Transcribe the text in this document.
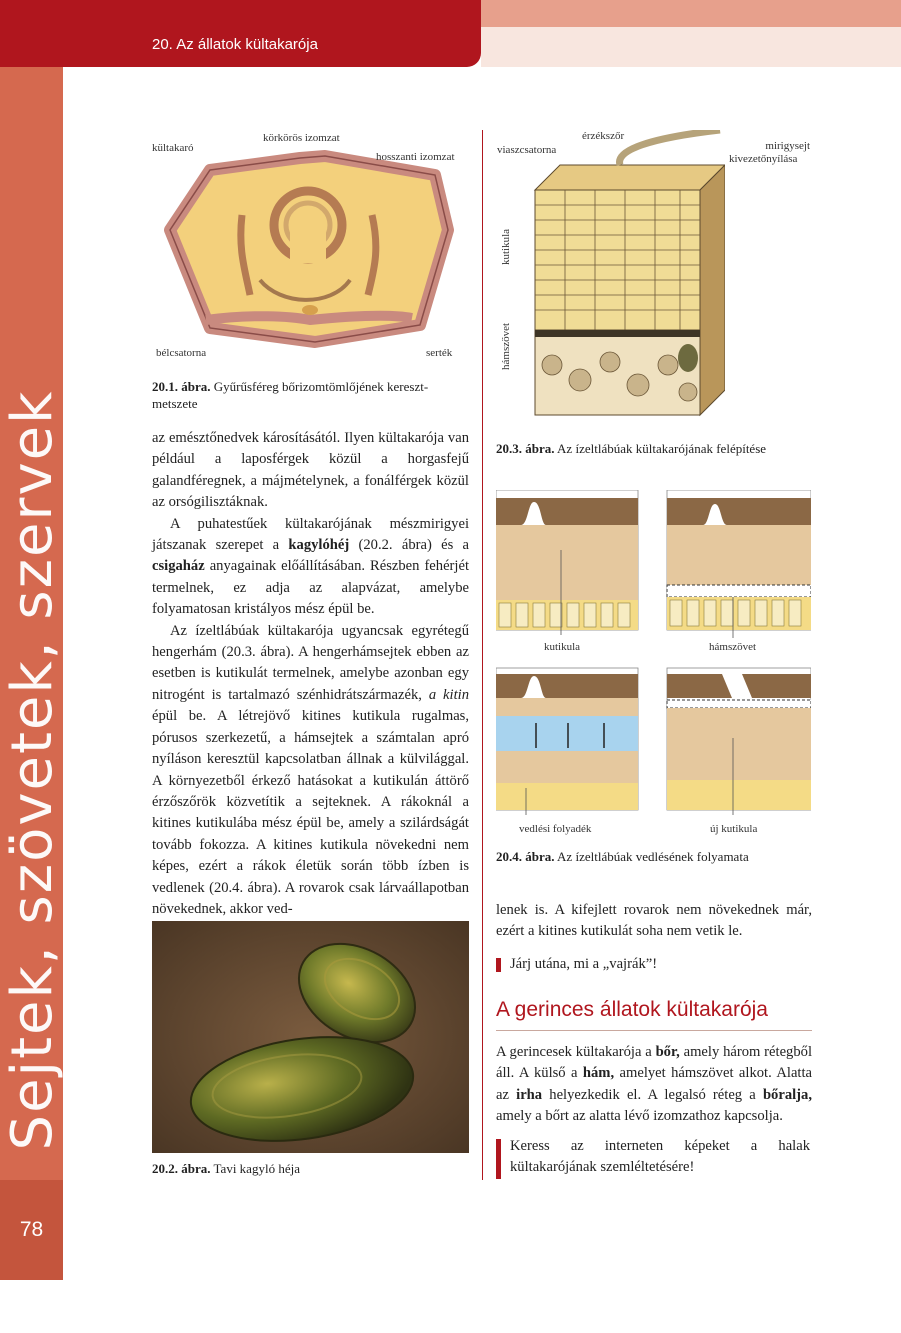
20. Az állatok kültakarója
Sejtek, szövetek, szervek
78
kültakaró
körkörös izomzat
hosszanti izomzat
bélcsatorna	serték
20.1. ábra. Gyűrűsféreg bőrizomtömlőjének kereszt-
metszete

az emésztőnedvek károsításától. Ilyen kültakarója van például a laposférgek közül a horgasfejű galandféregnek, a májmételynek, a fonálférgek közül az orsógilisztáknak.

A puhatestűek kültakarójának mészmirigyei játszanak szerepet a kagylóhéj (20.2. ábra) és a csigaház anyagainak előállításában. Részben fehérjét termelnek, ez adja az alapvázat, amelybe folyamatosan kristályos mész épül be.

Az ízeltlábúak kültakarója ugyancsak egyrétegű hengerhám (20.3. ábra). A hengerhámsejtek ebben az esetben is kutikulát termelnek, amelybe azonban egy nitrogént is tartalmazó szénhidrátszármazék, a kitin épül be. A létrejövő kitines kutikula rugalmas, pórusos szerkezetű, a hámsejtek a számtalan apró nyíláson keresztül kapcsolatban állnak a külvilággal. A környezetből érkező hatásokat a kutikulán áttörő érzőszőrök közvetítik a sejteknek. A rákoknál a kitines kutikulába mész épül be, amely a szilárdságát tovább fokozza. A kitines kutikula növekedni nem képes, ezért a rákok életük során több ízben is vedlenek (20.4. ábra). A rovarok csak lárvaállapotban növekednek, akkor ved-

20.2. ábra. Tavi kagyló héja
viaszcsatorna
érzékszőr
mirigysejt
kivezetőnyílása
kutikula
hámszövet
20.3. ábra. Az ízeltlábúak kültakarójának felépítése
kutikula	hámszövet
vedlési folyadék	új kutikula
20.4. ábra. Az ízeltlábúak vedlésének folyamata

lenek is. A kifejlett rovarok nem növekednek már, ezért a kitines kutikulát soha nem vetik le.

Járj utána, mi a „vajrák”!
A gerinces állatok kültakarója

A gerincesek kültakarója a bőr, amely három rétegből áll. A külső a hám, amelyet hámszövet alkot. Alatta az irha helyezkedik el. A legalsó réteg a bőralja, amely a bőrt az alatta lévő izomzathoz kapcsolja.

Keress az interneten képeket a halak kültakarójának szemléltetésére!
